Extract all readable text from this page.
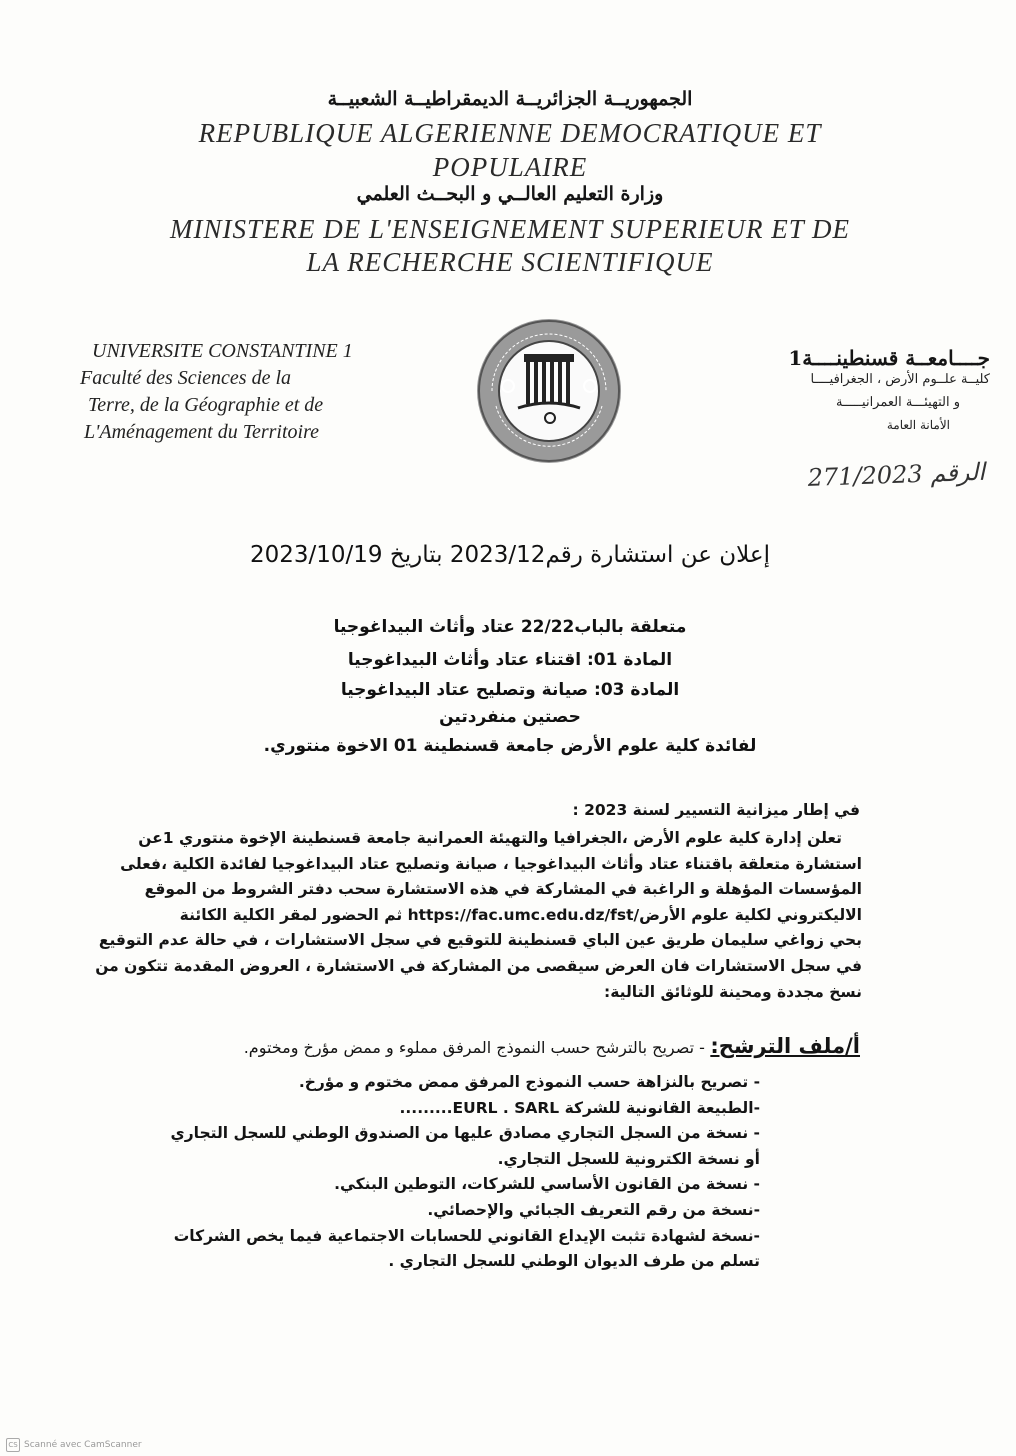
الجمهوريــة الجزائريــة الديمقراطيــة الشعبيــة
REPUBLIQUE ALGERIENNE DEMOCRATIQUE ET
POPULAIRE
وزارة التعليم العالــي و البحــث العلمي
MINISTERE DE L'ENSEIGNEMENT SUPERIEUR ET DE
LA RECHERCHE SCIENTIFIQUE
UNIVERSITE CONSTANTINE 1
Faculté des Sciences de la
Terre, de la Géographie et de
L'Aménagement du Territoire
جــــامعــة قسنطينــــة1
كليــة علــوم الأرض ، الجغرافيــــا
و التهيئـــة العمرانيـــــة
الأمانة العامة
الرقم 271/2023
إعلان عن استشارة رقم2023/12 بتاريخ 2023/10/19
متعلقة بالباب22/22 عتاد وأثاث البيداغوجيا
المادة 01: اقتناء عتاد وأثاث البيداغوجيا
المادة 03: صيانة وتصليح عتاد البيداغوجيا
حصتين منفردتين
لفائدة كلية علوم الأرض جامعة قسنطينة 01 الاخوة منتوري.
في إطار ميزانية التسيير لسنة 2023 :
تعلن إدارة كلية علوم الأرض ،الجغرافيا والتهيئة العمرانية جامعة قسنطينة الإخوة منتوري 1عن
استشارة متعلقة باقتناء عتاد وأثاث البيداغوجيا ، صيانة وتصليح عتاد البيداغوجيا لفائدة الكلية ،فعلى
المؤسسات المؤهلة و الراغبة في المشاركة في هذه الاستشارة سحب دفتر الشروط من الموقع
الاليكتروني لكلية علوم الأرض/https://fac.umc.edu.dz/fst ثم الحضور لمقر الكلية الكائنة
بحي زواغي سليمان طريق عين الباي قسنطينة للتوقيع في سجل الاستشارات ، في حالة عدم التوقيع
في سجل الاستشارات فان العرض سيقصى من المشاركة في الاستشارة ، العروض المقدمة تتكون من
نسخ مجددة ومحينة للوثائق التالية:
أ/ملف الترشح: - تصريح بالترشح حسب النموذج المرفق مملوء و ممض مؤرخ ومختوم.
- تصريح بالنزاهة حسب النموذج المرفق ممض مختوم و مؤرخ.
-الطبيعة القانونية للشركة EURL . SARL.........
- نسخة من السجل التجاري مصادق عليها من الصندوق الوطني للسجل التجاري
أو نسخة الكترونية للسجل التجاري.
- نسخة من القانون الأساسي للشركات، التوطين البنكي.
-نسخة من رقم التعريف الجبائي والإحصائي.
-نسخة لشهادة تثبت الإيداع القانوني للحسابات الاجتماعية فيما يخص الشركات
تسلم من طرف الديوان الوطني للسجل التجاري .
CS Scanné avec CamScanner
